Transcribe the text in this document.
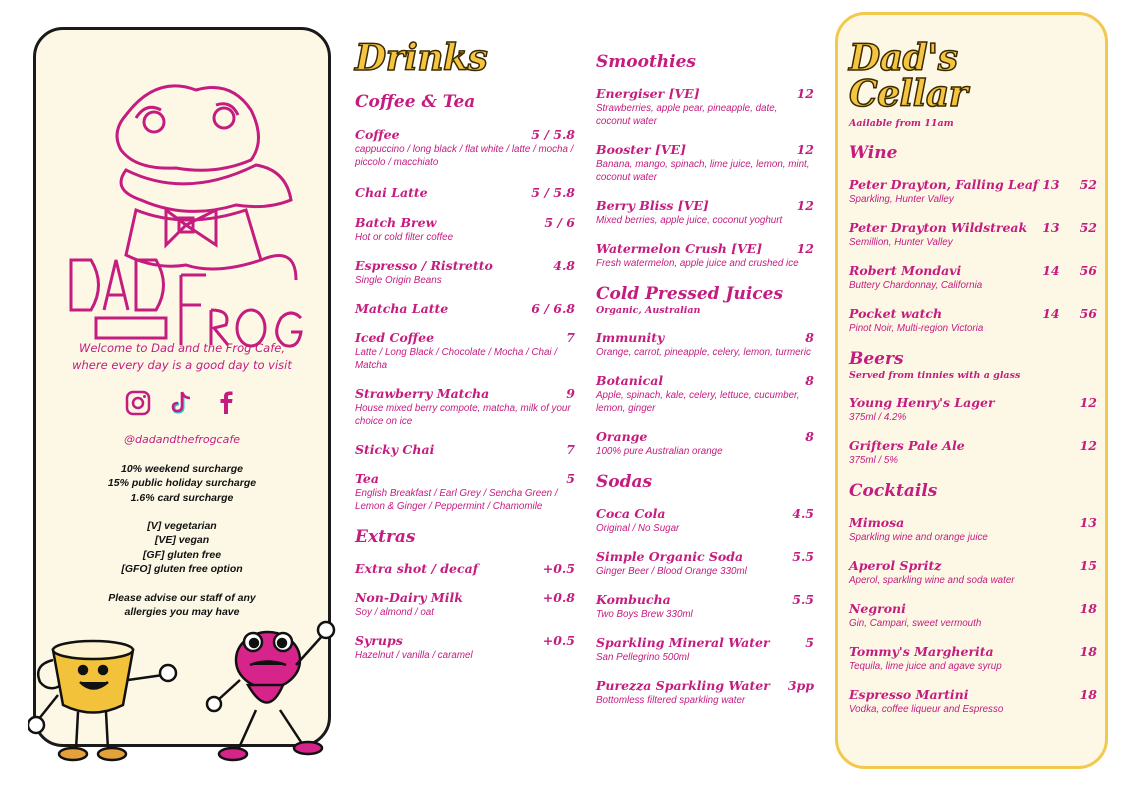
Welcome to Dad and the Frog Cafe,
where every day is a good day to visit
@dadandthefrogcafe
10% weekend surcharge
15% public holiday surcharge
1.6% card surcharge
[V] vegetarian
[VE] vegan
[GF] gluten free
[GFO] gluten free option
Please advise our staff of any
allergies you may have
Drinks
Coffee & Tea
Coffee	5 / 5.8
cappuccino / long black / flat white / latte / mocha / piccolo / macchiato
Chai Latte	5 / 5.8
Batch Brew	5 / 6
Hot or cold filter coffee
Espresso / Ristretto	4.8
Single Origin Beans
Matcha Latte	6 / 6.8
Iced Coffee	7
Latte / Long Black / Chocolate / Mocha / Chai / Matcha
Strawberry Matcha	9
House mixed berry compote, matcha, milk of your choice on ice
Sticky Chai	7
Tea	5
English Breakfast / Earl Grey / Sencha Green / Lemon & Ginger / Peppermint / Chamomile
Extras
Extra shot / decaf	+0.5
Non-Dairy Milk	+0.8
Soy / almond / oat
Syrups	+0.5
Hazelnut / vanilla / caramel
Smoothies
Energiser [VE]	12
Strawberries, apple pear, pineapple, date, coconut water
Booster [VE]	12
Banana, mango, spinach, lime juice, lemon, mint, coconut water
Berry Bliss [VE]	12
Mixed berries, apple juice, coconut yoghurt
Watermelon Crush [VE]	12
Fresh watermelon, apple juice and crushed ice
Cold Pressed Juices
Organic, Australian
Immunity	8
Orange, carrot, pineapple, celery, lemon, turmeric
Botanical	8
Apple, spinach, kale, celery, lettuce, cucumber, lemon, ginger
Orange	8
100% pure Australian orange
Sodas
Coca Cola	4.5
Original / No Sugar
Simple Organic Soda	5.5
Ginger Beer / Blood Orange 330ml
Kombucha	5.5
Two Boys Brew 330ml
Sparkling Mineral Water	5
San Pellegrino 500ml
Purezza Sparkling Water 3pp
Bottomless filtered sparkling water
Dad's
Cellar
Aailable from 11am
Wine
Peter Drayton, Falling Leaf 13 52
Sparkling, Hunter Valley
Peter Drayton Wildstreak 13 52
Semillion, Hunter Valley
Robert Mondavi	14 56
Buttery Chardonnay, California
Pocket watch	14 56
Pinot Noir, Multi-region Victoria
Beers
Served from tinnies with a glass
Young Henry's Lager	12
375ml / 4.2%
Grifters Pale Ale	12
375ml / 5%
Cocktails
Mimosa	13
Sparkling wine and orange juice
Aperol Spritz	15
Aperol, sparkling wine and soda water
Negroni	18
Gin, Campari, sweet vermouth
Tommy's Margherita	18
Tequila, lime juice and agave syrup
Espresso Martini	18
Vodka, coffee liqueur and Espresso
